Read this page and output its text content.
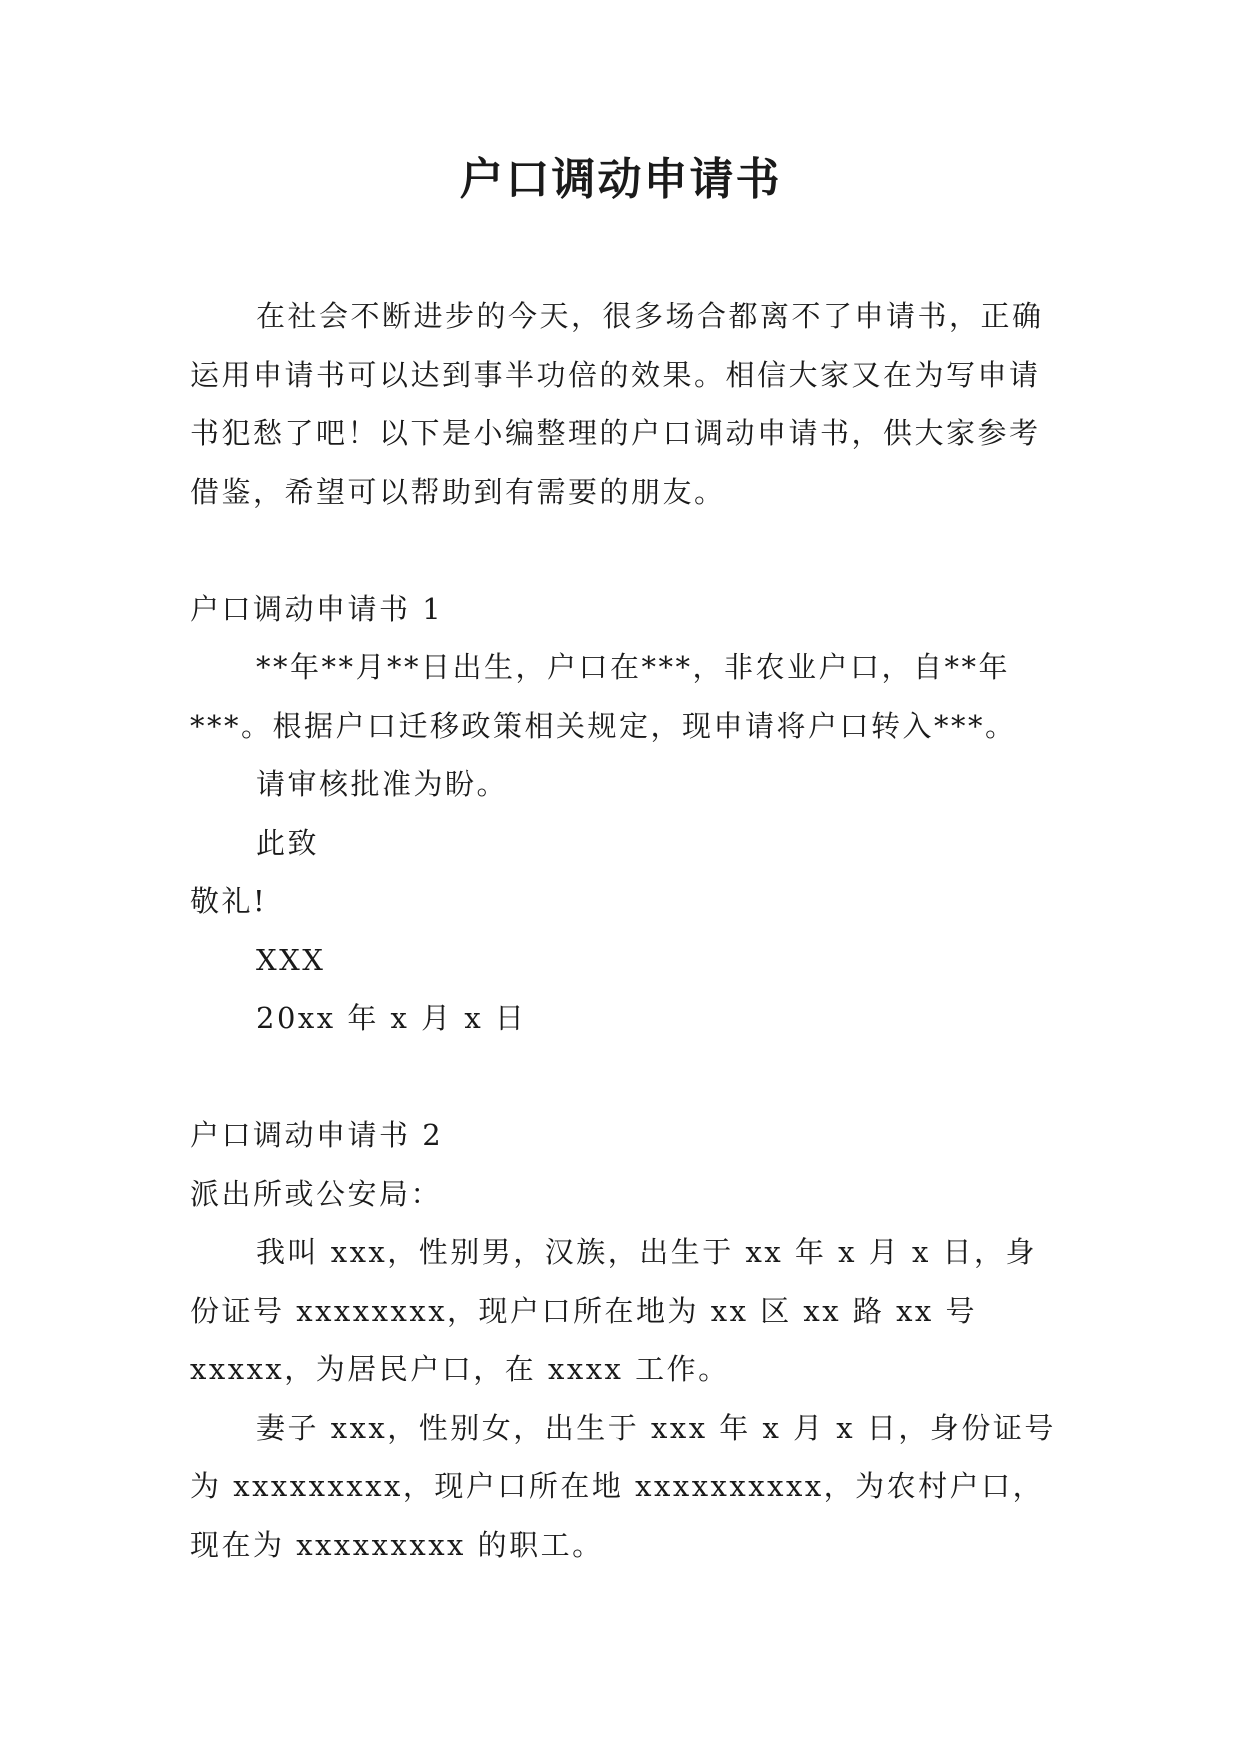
户口调动申请书

在社会不断进步的今天，很多场合都离不了申请书，正确运用申请书可以达到事半功倍的效果。相信大家又在为写申请书犯愁了吧！以下是小编整理的户口调动申请书，供大家参考借鉴，希望可以帮助到有需要的朋友。

户口调动申请书 1

**年**月**日出生，户口在***，非农业户口，自**年***。根据户口迁移政策相关规定，现申请将户口转入***。

请审核批准为盼。

此致

敬礼!

XXX

20xx 年 x 月 x 日

户口调动申请书 2

派出所或公安局：

我叫 xxx，性别男，汉族，出生于 xx 年 x 月 x 日，身份证号 xxxxxxxx，现户口所在地为 xx 区 xx 路 xx 号 xxxxx，为居民户口，在 xxxx 工作。

妻子 xxx，性别女，出生于 xxx 年 x 月 x 日，身份证号为 xxxxxxxxx，现户口所在地 xxxxxxxxxx，为农村户口，现在为 xxxxxxxxx 的职工。
